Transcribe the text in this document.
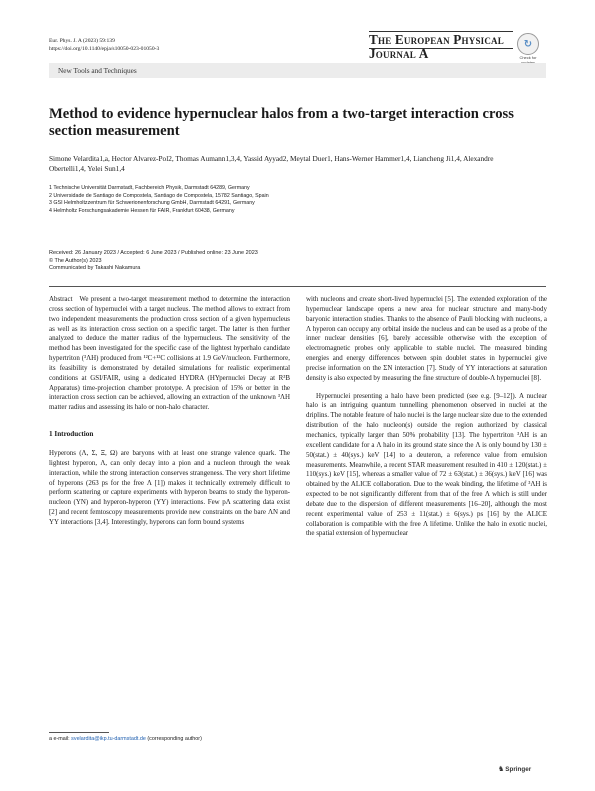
Eur. Phys. J. A (2023) 59:139
https://doi.org/10.1140/epja/s10050-023-01050-3
The European Physical Journal A
↻
Check for
New Tools and Techniques
Method to evidence hypernuclear halos from a two-target interaction cross section measurement
Simone Velardita1,a, Hector Alvarez-Pol2, Thomas Aumann1,3,4, Yassid Ayyad2, Meytal Duer1, Hans-Werner Hammer1,4, Liancheng Ji1,4, Alexandre Obertelli1,4, Yelei Sun1,4
1 Technische Universität Darmstadt, Fachbereich Physik, Darmstadt 64289, Germany
2 Universidade de Santiago de Compostela, Santiago de Compostela, 15782 Santiago, Spain
3 GSI Helmholtzzentrum für Schwerionenforschung GmbH, Darmstadt 64291, Germany
4 Helmholtz Forschungsakademie Hessen für FAIR, Frankfurt 60438, Germany
Received: 26 January 2023 / Accepted: 6 June 2023 / Published online: 23 June 2023
© The Author(s) 2023
Communicated by Takashi Nakamura

Abstract We present a two-target measurement method to determine the interaction cross section of hypernuclei with a target nucleus. The method allows to extract from two independent measurements the production cross section of a given hypernucleus as well as its interaction cross section on a specific target. The latter is then further analyzed to deduce the matter radius of the hypernucleus. The sensitivity of the method has been investigated for the specific case of the lightest hyperhalo candidate hypertriton (³ΛH) produced from ¹²C+¹²C collisions at 1.9 GeV/nucleon. Furthermore, its feasibility is demonstrated by detailed simulations for realistic experimental conditions at GSI/FAIR, using a dedicated HYDRA (HYpernuclei Decay at R³B Apparatus) time-projection chamber prototype. A precision of 15% or better in the interaction cross section can be achieved, allowing an extraction of the unknown ³ΛH matter radius and assessing its halo or non-halo character.

1 Introduction

Hyperons (Λ, Σ, Ξ, Ω) are baryons with at least one strange valence quark. The lightest hyperon, Λ, can only decay into a pion and a nucleon through the weak interaction, while the strong interaction conserves strangeness. The very short lifetime of hyperons (263 ps for the free Λ [1]) makes it technically extremely difficult to perform scattering or capture experiments with hyperon beams to study the hyperon-nucleon (YN) and hyperon-hyperon (YY) interactions. Few pΛ scattering data exist [2] and recent femtoscopy measurements provide new constraints on the bare ΛN and YY interactions [3,4]. Interestingly, hyperons can form bound systems

with nucleons and create short-lived hypernuclei [5]. The extended exploration of the hypernuclear landscape opens a new area for nuclear structure and many-body baryonic interaction studies. Thanks to the absence of Pauli blocking with nucleons, a Λ hyperon can occupy any orbital inside the nucleus and can be used as a probe of the inner nuclear densities [6], barely accessible otherwise with the exception of electromagnetic probes only applicable to stable nuclei. The measured binding energies and energy differences between spin doublet states in hypernuclei give precise information on the ΣN interaction [7]. Study of YY interactions at saturation density is also expected by measuring the fine structure of double-Λ hypernuclei [8].

Hypernuclei presenting a halo have been predicted (see e.g. [9–12]). A nuclear halo is an intriguing quantum tunnelling phenomenon observed in nuclei at the driplins. The notable feature of halo nuclei is the large nuclear size due to the extended distribution of the halo nucleon(s) outside the region authorized by classical mechanics, typically larger than 50% probability [13]. The hypertriton ³ΛH is an excellent candidate for a Λ halo in its ground state since the Λ is only bound by 130 ± 50(stat.) ± 40(sys.) keV [14] to a deuteron, a reference value from emulsion measurements. Meanwhile, a recent STAR measurement resulted in 410 ± 120(stat.) ± 110(sys.) keV [15], whereas a smaller value of 72 ± 63(stat.) ± 36(sys.) keV [16] was obtained by the ALICE collaboration. Due to the weak binding, the lifetime of ³ΛH is expected to be not significantly different from that of the free Λ which is still under debate due to the dispersion of different measurements [16–20], although the most recent experimental value of 253 ± 11(stat.) ± 6(sys.) ps [16] by the ALICE collaboration is compatible with the free Λ lifetime. Unlike the halo in exotic nuclei, the spatial extension of hypernuclear

a e-mail: svelardita@ikp.tu-darmstadt.de (corresponding author)
♞Springer
